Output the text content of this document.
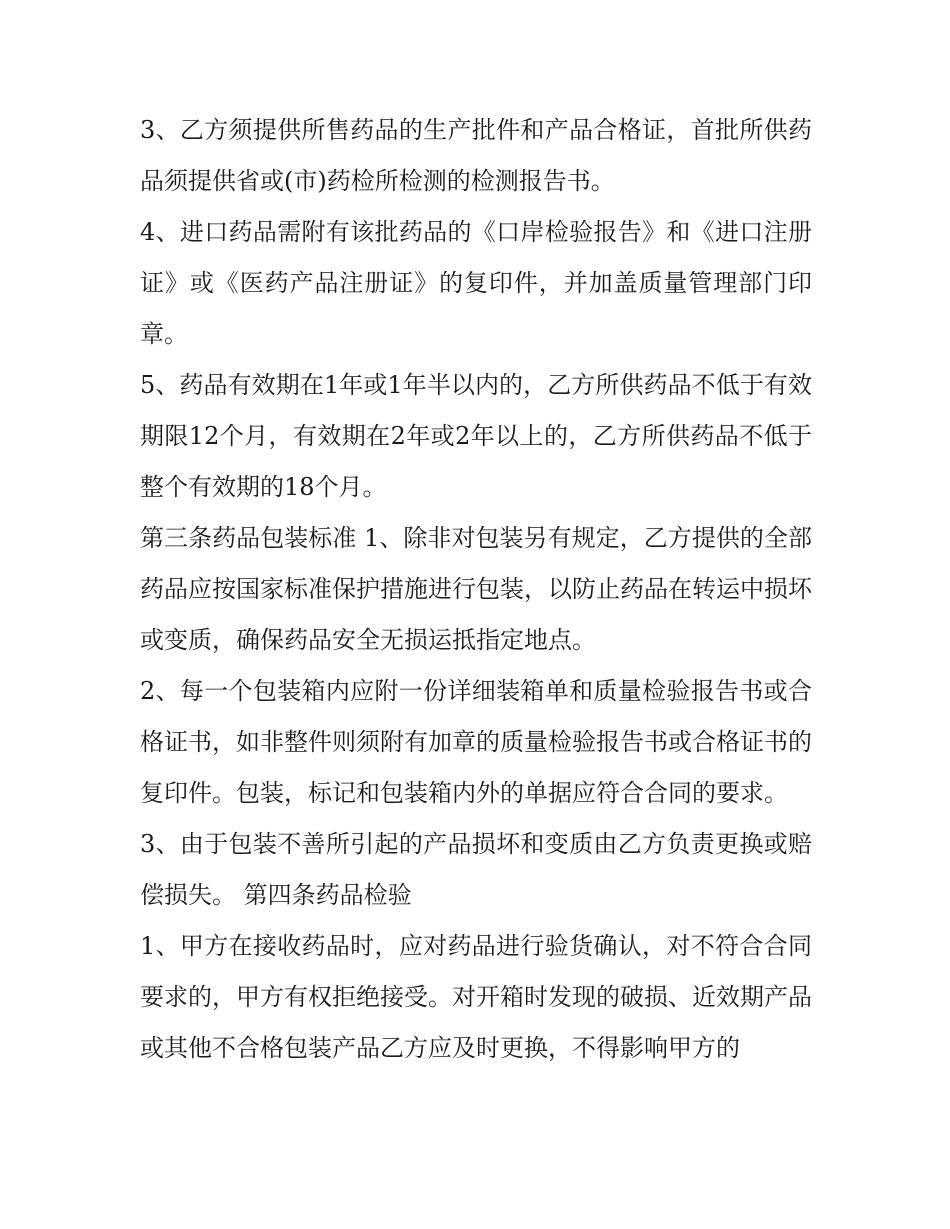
3、乙方须提供所售药品的生产批件和产品合格证，首批所供药品须提供省或(市)药检所检测的检测报告书。

4、进口药品需附有该批药品的《口岸检验报告》和《进口注册证》或《医药产品注册证》的复印件，并加盖质量管理部门印章。

5、药品有效期在1年或1年半以内的，乙方所供药品不低于有效期限12个月，有效期在2年或2年以上的，乙方所供药品不低于整个有效期的18个月。

第三条药品包装标准 1、除非对包装另有规定，乙方提供的全部药品应按国家标准保护措施进行包装，以防止药品在转运中损坏或变质，确保药品安全无损运抵指定地点。

2、每一个包装箱内应附一份详细装箱单和质量检验报告书或合格证书，如非整件则须附有加章的质量检验报告书或合格证书的复印件。包装，标记和包装箱内外的单据应符合合同的要求。

3、由于包装不善所引起的产品损坏和变质由乙方负责更换或赔偿损失。 第四条药品检验

1、甲方在接收药品时，应对药品进行验货确认，对不符合合同要求的，甲方有权拒绝接受。对开箱时发现的破损、近效期产品或其他不合格包装产品乙方应及时更换，不得影响甲方的
